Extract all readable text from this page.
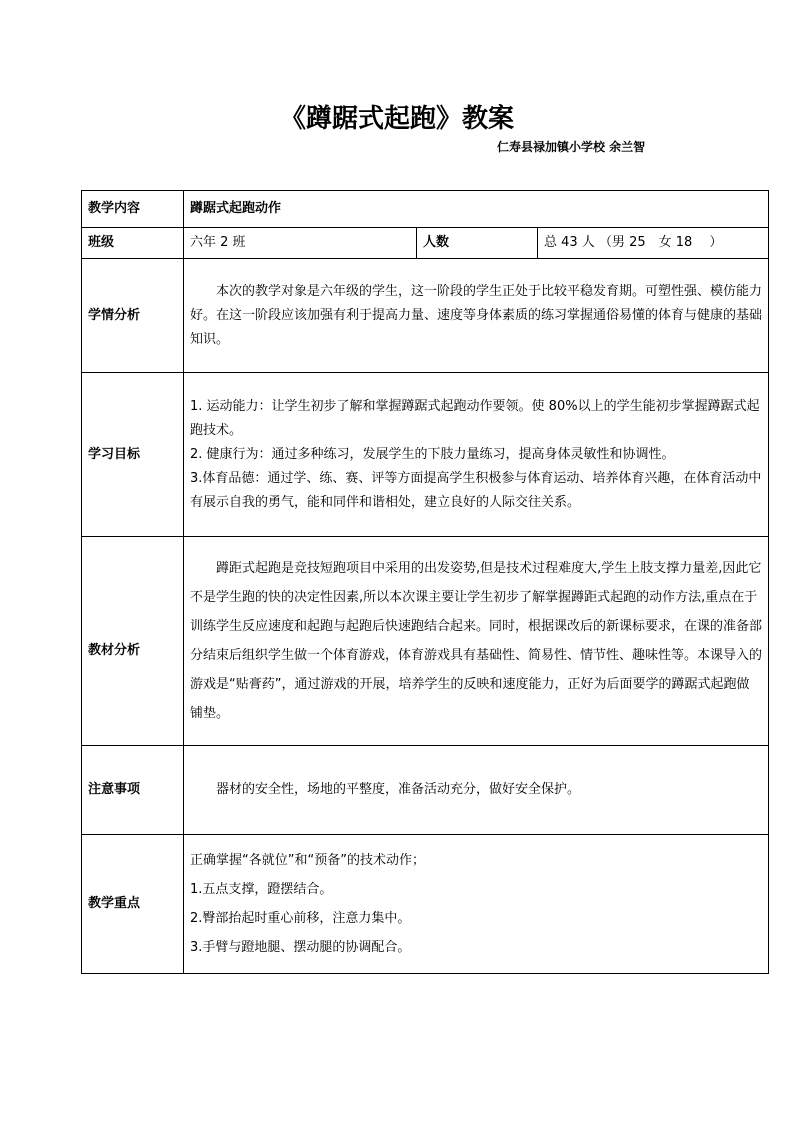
《蹲踞式起跑》教案
仁寿县禄加镇小学校 余兰智
教学内容	蹲踞式起跑动作		
班级	六年 2 班	人数	总 43 人 （男 25　女 18　 ）
学情分析	本次的教学对象是六年级的学生，这一阶段的学生正处于比较平稳发育期。可塑性强、模仿能力好。在这一阶段应该加强有利于提高力量、速度等身体素质的练习掌握通俗易懂的体育与健康的基础知识。		

学习目标	1. 运动能力：让学生初步了解和掌握蹲踞式起跑动作要领。使 80%以上的学生能初步掌握蹲踞式起跑技术。
2. 健康行为：通过多种练习，发展学生的下肢力量练习，提高身体灵敏性和协调性。
3.体育品德：通过学、练、赛、评等方面提高学生积极参与体育运动、培养体育兴趣，在体育活动中有展示自我的勇气，能和同伴和谐相处，建立良好的人际交往关系。		

教材分析	蹲距式起跑是竞技短跑项目中采用的出发姿势,但是技术过程难度大,学生上肢支撑力量差,因此它不是学生跑的快的决定性因素,所以本次课主要让学生初步了解掌握蹲距式起跑的动作方法,重点在于训练学生反应速度和起跑与起跑后快速跑结合起来。同时，根据课改后的新课标要求，在课的准备部分结束后组织学生做一个体育游戏，体育游戏具有基础性、简易性、情节性、趣味性等。本课导入的游戏是“贴膏药”，通过游戏的开展，培养学生的反映和速度能力，正好为后面要学的蹲踞式起跑做铺垫。		

注意事项	器材的安全性，场地的平整度，准备活动充分，做好安全保护。		

教学重点	正确掌握“各就位”和“预备”的技术动作；
1.五点支撑，蹬摆结合。
2.臀部抬起时重心前移，注意力集中。
3.手臂与蹬地腿、摆动腿的协调配合。		
